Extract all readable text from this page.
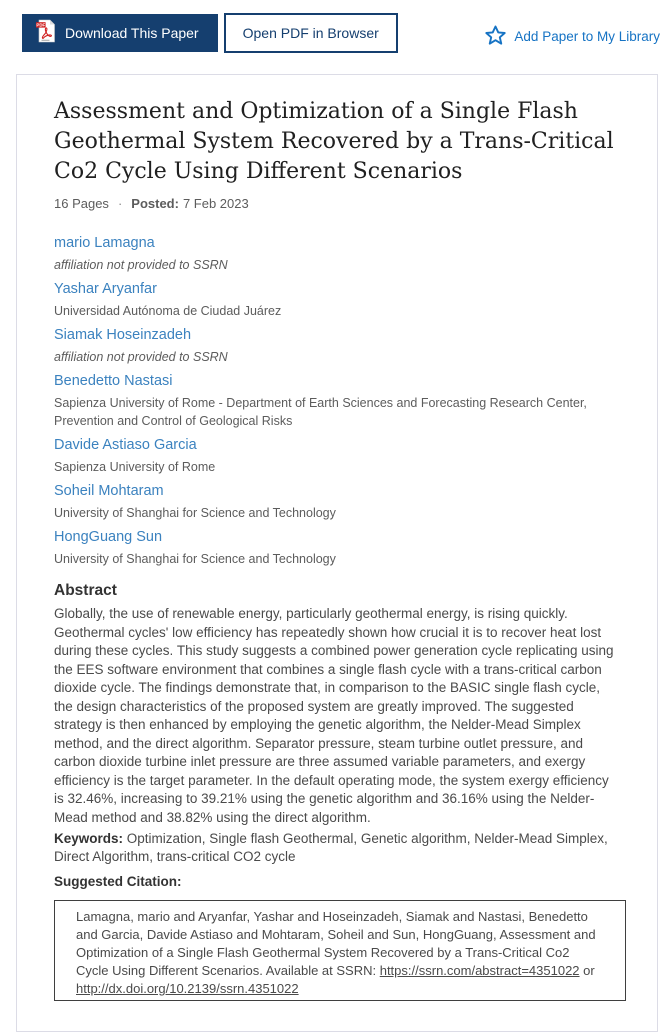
PDF Download This Paper	Open PDF in Browser	Add Paper to My Library
Assessment and Optimization of a Single Flash Geothermal System Recovered by a Trans-Critical Co2 Cycle Using Different Scenarios
16 Pages · Posted: 7 Feb 2023
mario Lamagna
affiliation not provided to SSRN
Yashar Aryanfar
Universidad Autónoma de Ciudad Juárez
Siamak Hoseinzadeh
affiliation not provided to SSRN
Benedetto Nastasi
Sapienza University of Rome - Department of Earth Sciences and Forecasting Research Center, Prevention and Control of Geological Risks
Davide Astiaso Garcia
Sapienza University of Rome
Soheil Mohtaram
University of Shanghai for Science and Technology
HongGuang Sun
University of Shanghai for Science and Technology
Abstract

Globally, the use of renewable energy, particularly geothermal energy, is rising quickly. Geothermal cycles' low efficiency has repeatedly shown how crucial it is to recover heat lost during these cycles. This study suggests a combined power generation cycle replicating using the EES software environment that combines a single flash cycle with a trans-critical carbon dioxide cycle. The findings demonstrate that, in comparison to the BASIC single flash cycle, the design characteristics of the proposed system are greatly improved. The suggested strategy is then enhanced by employing the genetic algorithm, the Nelder-Mead Simplex method, and the direct algorithm. Separator pressure, steam turbine outlet pressure, and carbon dioxide turbine inlet pressure are three assumed variable parameters, and exergy efficiency is the target parameter. In the default operating mode, the system exergy efficiency is 32.46%, increasing to 39.21% using the genetic algorithm and 36.16% using the Nelder-Mead method and 38.82% using the direct algorithm.

Keywords: Optimization, Single flash Geothermal, Genetic algorithm, Nelder-Mead Simplex, Direct Algorithm, trans-critical CO2 cycle

Suggested Citation:
Lamagna, mario and Aryanfar, Yashar and Hoseinzadeh, Siamak and Nastasi, Benedetto and Garcia, Davide Astiaso and Mohtaram, Soheil and Sun, HongGuang, Assessment and Optimization of a Single Flash Geothermal System Recovered by a Trans-Critical Co2 Cycle Using Different Scenarios. Available at SSRN: https://ssrn.com/abstract=4351022 or http://dx.doi.org/10.2139/ssrn.4351022
